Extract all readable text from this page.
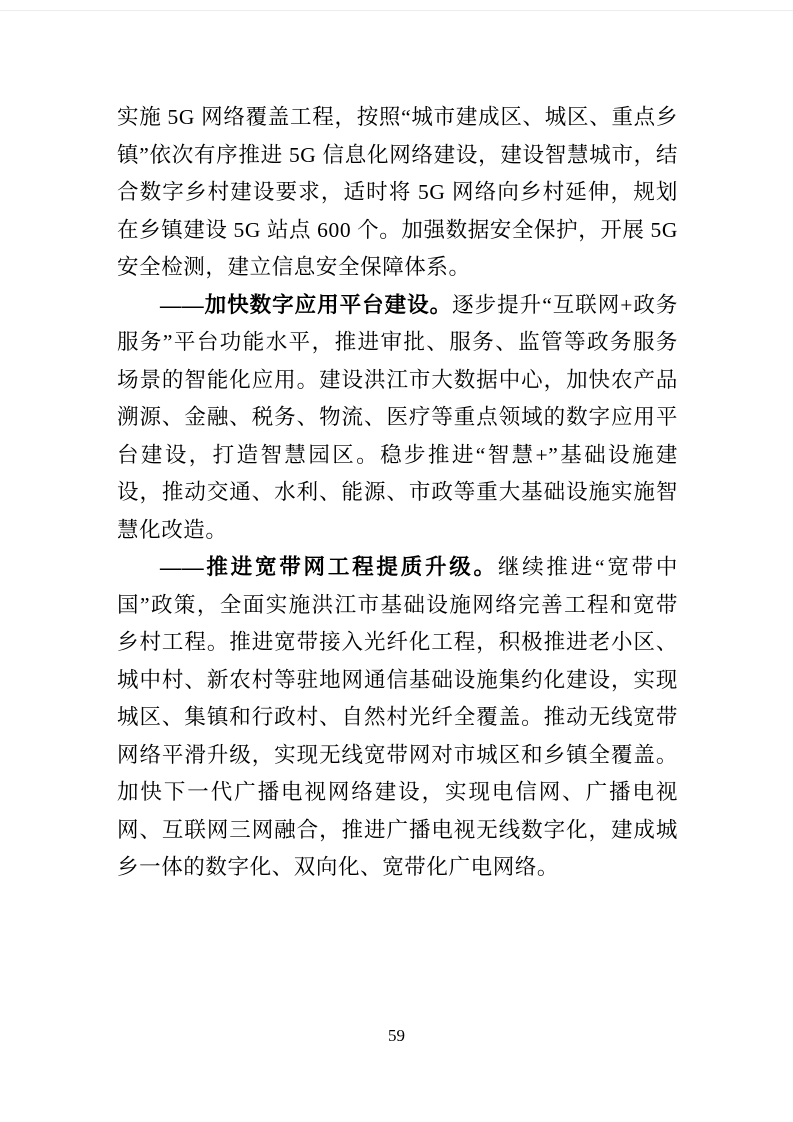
实施 5G 网络覆盖工程，按照“城市建成区、城区、重点乡镇”依次有序推进 5G 信息化网络建设，建设智慧城市，结合数字乡村建设要求，适时将 5G 网络向乡村延伸，规划在乡镇建设 5G 站点 600 个。加强数据安全保护，开展 5G 安全检测，建立信息安全保障体系。

——加快数字应用平台建设。逐步提升“互联网+政务服务”平台功能水平，推进审批、服务、监管等政务服务场景的智能化应用。建设洪江市大数据中心，加快农产品溯源、金融、税务、物流、医疗等重点领域的数字应用平台建设，打造智慧园区。稳步推进“智慧+”基础设施建设，推动交通、水利、能源、市政等重大基础设施实施智慧化改造。

——推进宽带网工程提质升级。继续推进“宽带中国”政策，全面实施洪江市基础设施网络完善工程和宽带乡村工程。推进宽带接入光纤化工程，积极推进老小区、城中村、新农村等驻地网通信基础设施集约化建设，实现城区、集镇和行政村、自然村光纤全覆盖。推动无线宽带网络平滑升级，实现无线宽带网对市城区和乡镇全覆盖。加快下一代广播电视网络建设，实现电信网、广播电视网、互联网三网融合，推进广播电视无线数字化，建成城乡一体的数字化、双向化、宽带化广电网络。

59
